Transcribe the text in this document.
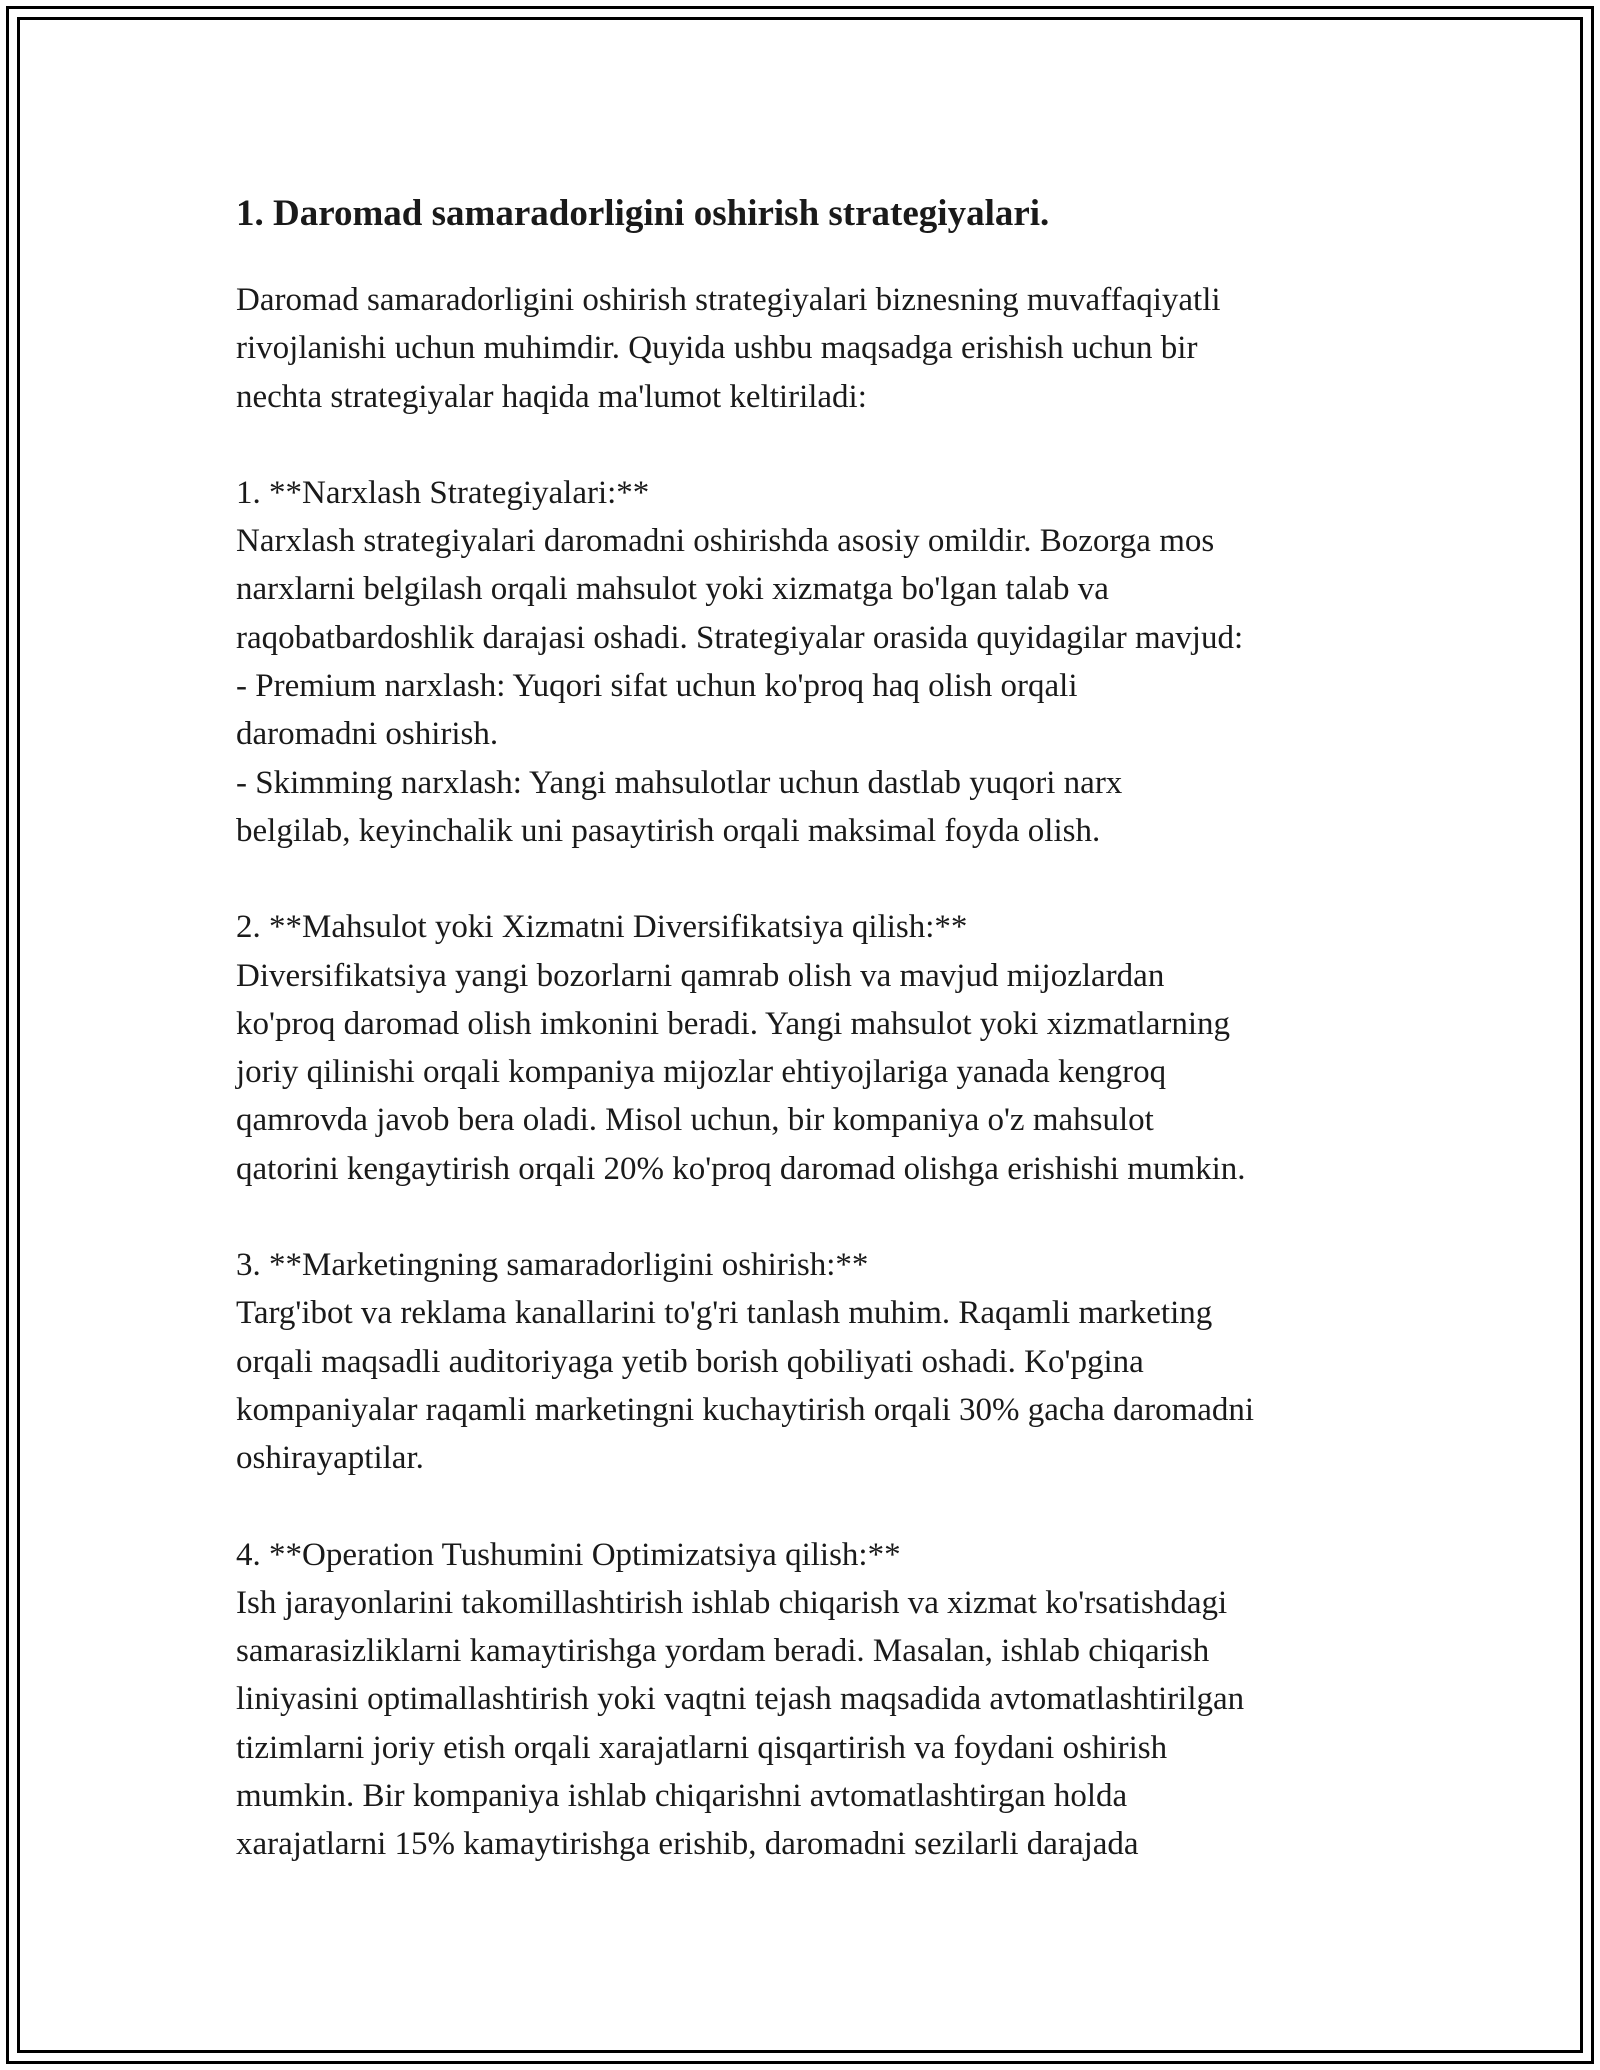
1. Daromad samaradorligini oshirish strategiyalari.

Daromad samaradorligini oshirish strategiyalari biznesning muvaffaqiyatli
rivojlanishi uchun muhimdir. Quyida ushbu maqsadga erishish uchun bir
nechta strategiyalar haqida ma'lumot keltiriladi:

1. **Narxlash Strategiyalari:**
Narxlash strategiyalari daromadni oshirishda asosiy omildir. Bozorga mos
narxlarni belgilash orqali mahsulot yoki xizmatga bo'lgan talab va
raqobatbardoshlik darajasi oshadi. Strategiyalar orasida quyidagilar mavjud:
- Premium narxlash: Yuqori sifat uchun ko'proq haq olish orqali
daromadni oshirish.
- Skimming narxlash: Yangi mahsulotlar uchun dastlab yuqori narx
belgilab, keyinchalik uni pasaytirish orqali maksimal foyda olish.
2. **Mahsulot yoki Xizmatni Diversifikatsiya qilish:**
Diversifikatsiya yangi bozorlarni qamrab olish va mavjud mijozlardan
ko'proq daromad olish imkonini beradi. Yangi mahsulot yoki xizmatlarning
joriy qilinishi orqali kompaniya mijozlar ehtiyojlariga yanada kengroq
qamrovda javob bera oladi. Misol uchun, bir kompaniya o'z mahsulot
qatorini kengaytirish orqali 20% ko'proq daromad olishga erishishi mumkin.
3. **Marketingning samaradorligini oshirish:**
Targ'ibot va reklama kanallarini to'g'ri tanlash muhim. Raqamli marketing
orqali maqsadli auditoriyaga yetib borish qobiliyati oshadi. Ko'pgina
kompaniyalar raqamli marketingni kuchaytirish orqali 30% gacha daromadni
oshirayaptilar.
4. **Operation Tushumini Optimizatsiya qilish:**
Ish jarayonlarini takomillashtirish ishlab chiqarish va xizmat ko'rsatishdagi
samarasizliklarni kamaytirishga yordam beradi. Masalan, ishlab chiqarish
liniyasini optimallashtirish yoki vaqtni tejash maqsadida avtomatlashtirilgan
tizimlarni joriy etish orqali xarajatlarni qisqartirish va foydani oshirish
mumkin. Bir kompaniya ishlab chiqarishni avtomatlashtirgan holda
xarajatlarni 15% kamaytirishga erishib, daromadni sezilarli darajada
